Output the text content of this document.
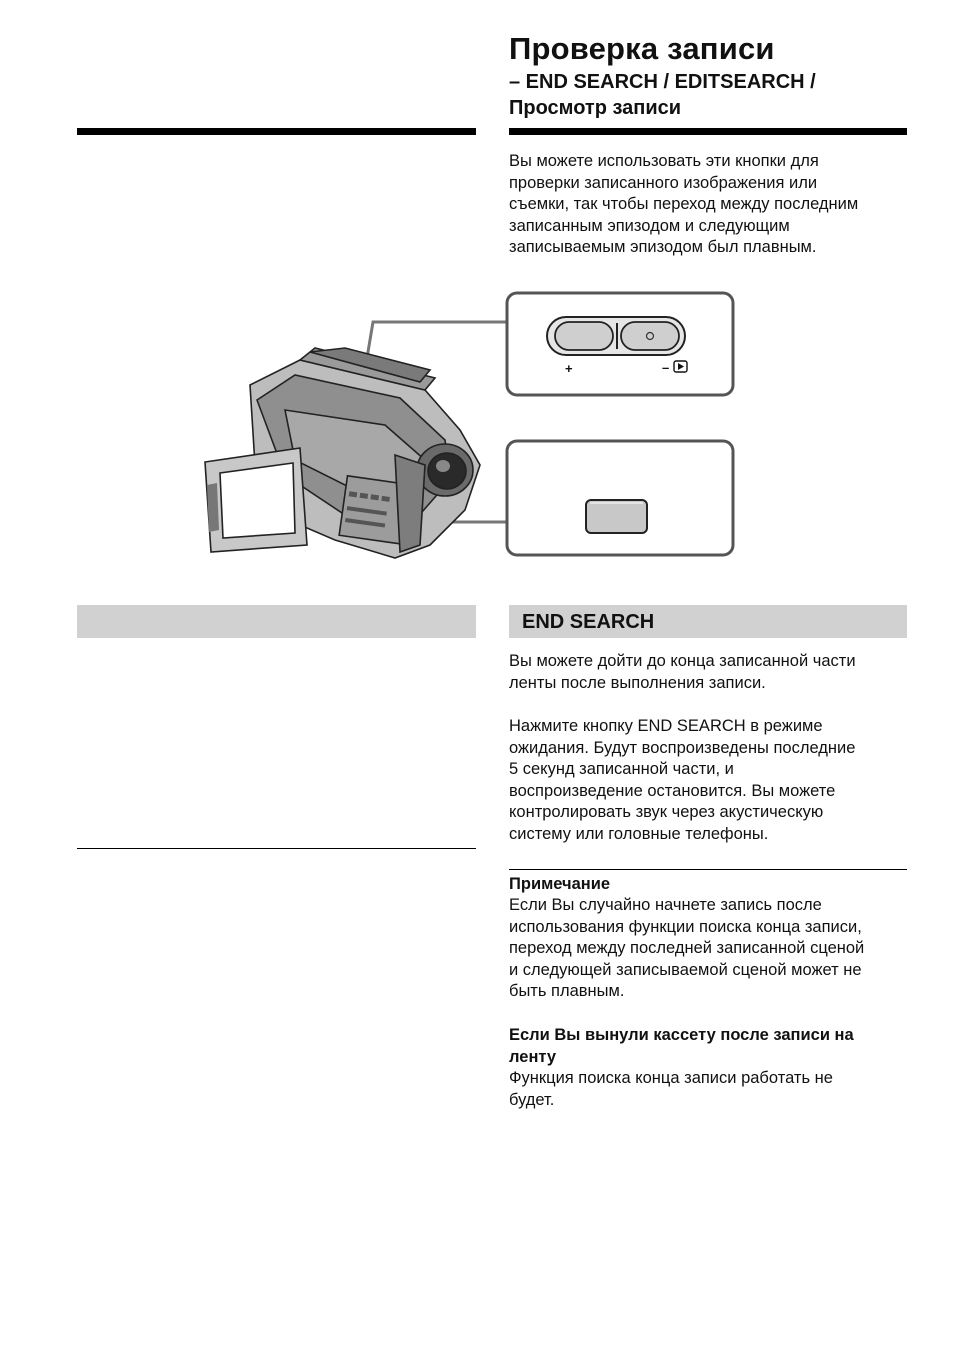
Проверка записи
– END SEARCH / EDITSEARCH /
Просмотр записи
Вы можете использовать эти кнопки для
проверки записанного изображения или
съемки, так чтобы переход между последним
записанным эпизодом и следующим
записываемым эпизодом был плавным.
+	–
END SEARCH
Вы можете дойти до конца записанной части
ленты после выполнения записи.
Нажмите кнопку END SEARCH в режиме
ожидания. Будут воспроизведены последние
5 секунд записанной части, и
воспроизведение остановится. Вы можете
контролировать звук через акустическую
систему или головные телефоны.
Примечание
Если Вы случайно начнете запись после
использования функции поиска конца записи,
переход между последней записанной сценой
и следующей записываемой сценой может не
быть плавным.
Если Вы вынули кассету после записи на
ленту
Функция поиска конца записи работать не
будет.
